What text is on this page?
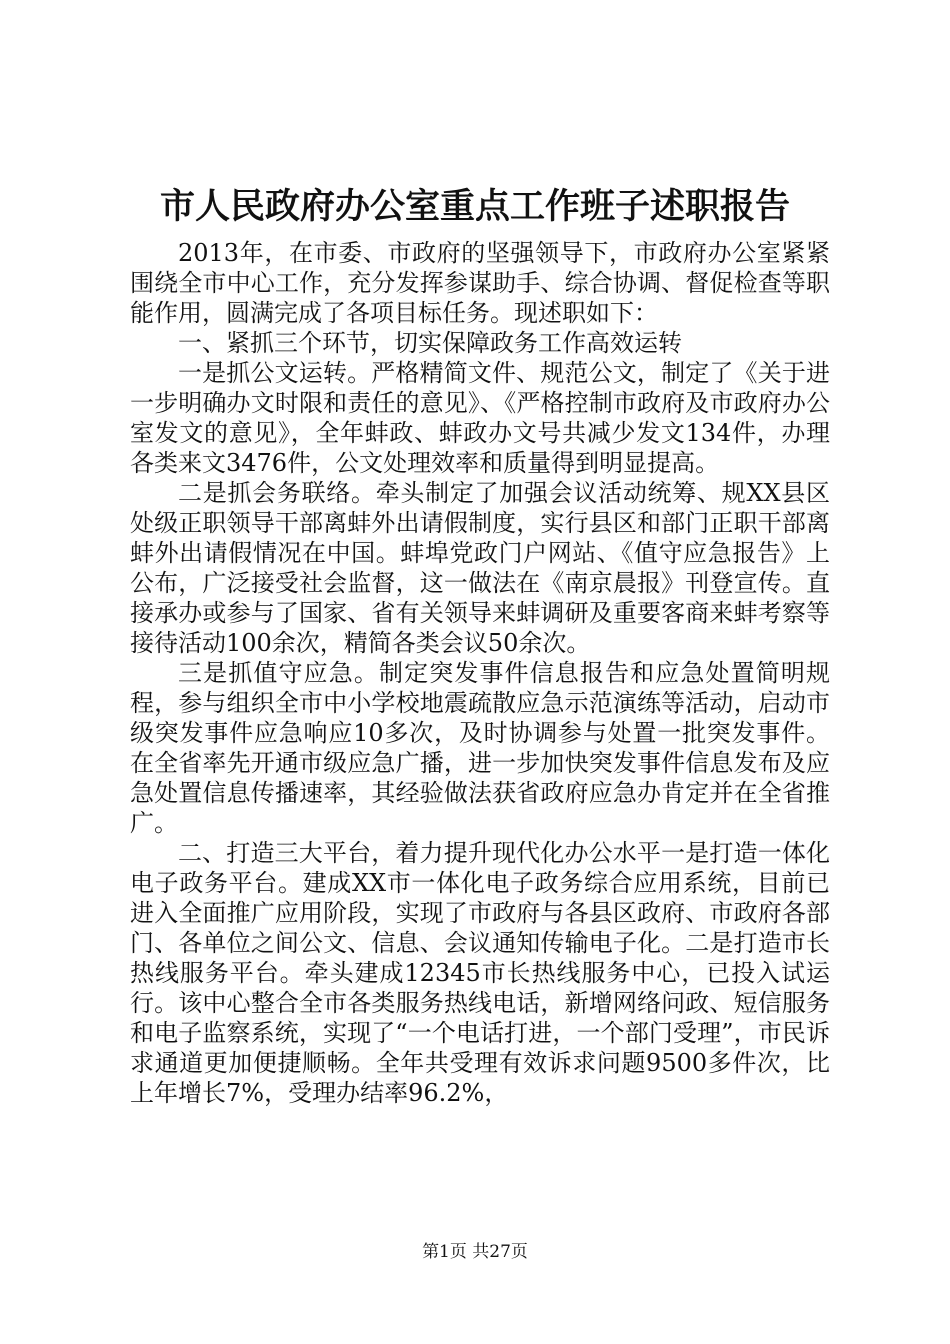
市人民政府办公室重点工作班子述职报告

2013年，在市委、市政府的坚强领导下，市政府办公室紧紧围绕全市中心工作，充分发挥参谋助手、综合协调、督促检查等职能作用，圆满完成了各项目标任务。现述职如下：

一、紧抓三个环节，切实保障政务工作高效运转

一是抓公文运转。严格精简文件、规范公文，制定了《关于进一步明确办文时限和责任的意见》、《严格控制市政府及市政府办公室发文的意见》，全年蚌政、蚌政办文号共减少发文134件，办理各类来文3476件，公文处理效率和质量得到明显提高。

二是抓会务联络。牵头制定了加强会议活动统筹、规XX县区处级正职领导干部离蚌外出请假制度，实行县区和部门正职干部离蚌外出请假情况在中国。蚌埠党政门户网站、《值守应急报告》上公布，广泛接受社会监督，这一做法在《南京晨报》刊登宣传。直接承办或参与了国家、省有关领导来蚌调研及重要客商来蚌考察等接待活动100余次，精简各类会议50余次。

三是抓值守应急。制定突发事件信息报告和应急处置简明规程，参与组织全市中小学校地震疏散应急示范演练等活动，启动市级突发事件应急响应10多次，及时协调参与处置一批突发事件。在全省率先开通市级应急广播，进一步加快突发事件信息发布及应急处置信息传播速率，其经验做法获省政府应急办肯定并在全省推广。

二、打造三大平台，着力提升现代化办公水平一是打造一体化电子政务平台。建成XX市一体化电子政务综合应用系统，目前已进入全面推广应用阶段，实现了市政府与各县区政府、市政府各部门、各单位之间公文、信息、会议通知传输电子化。二是打造市长热线服务平台。牵头建成12345市长热线服务中心，已投入试运行。该中心整合全市各类服务热线电话，新增网络问政、短信服务和电子监察系统，实现了“一个电话打进，一个部门受理”，市民诉求通道更加便捷顺畅。全年共受理有效诉求问题9500多件次，比上年增长7%，受理办结率96.2%，

第1页 共27页
